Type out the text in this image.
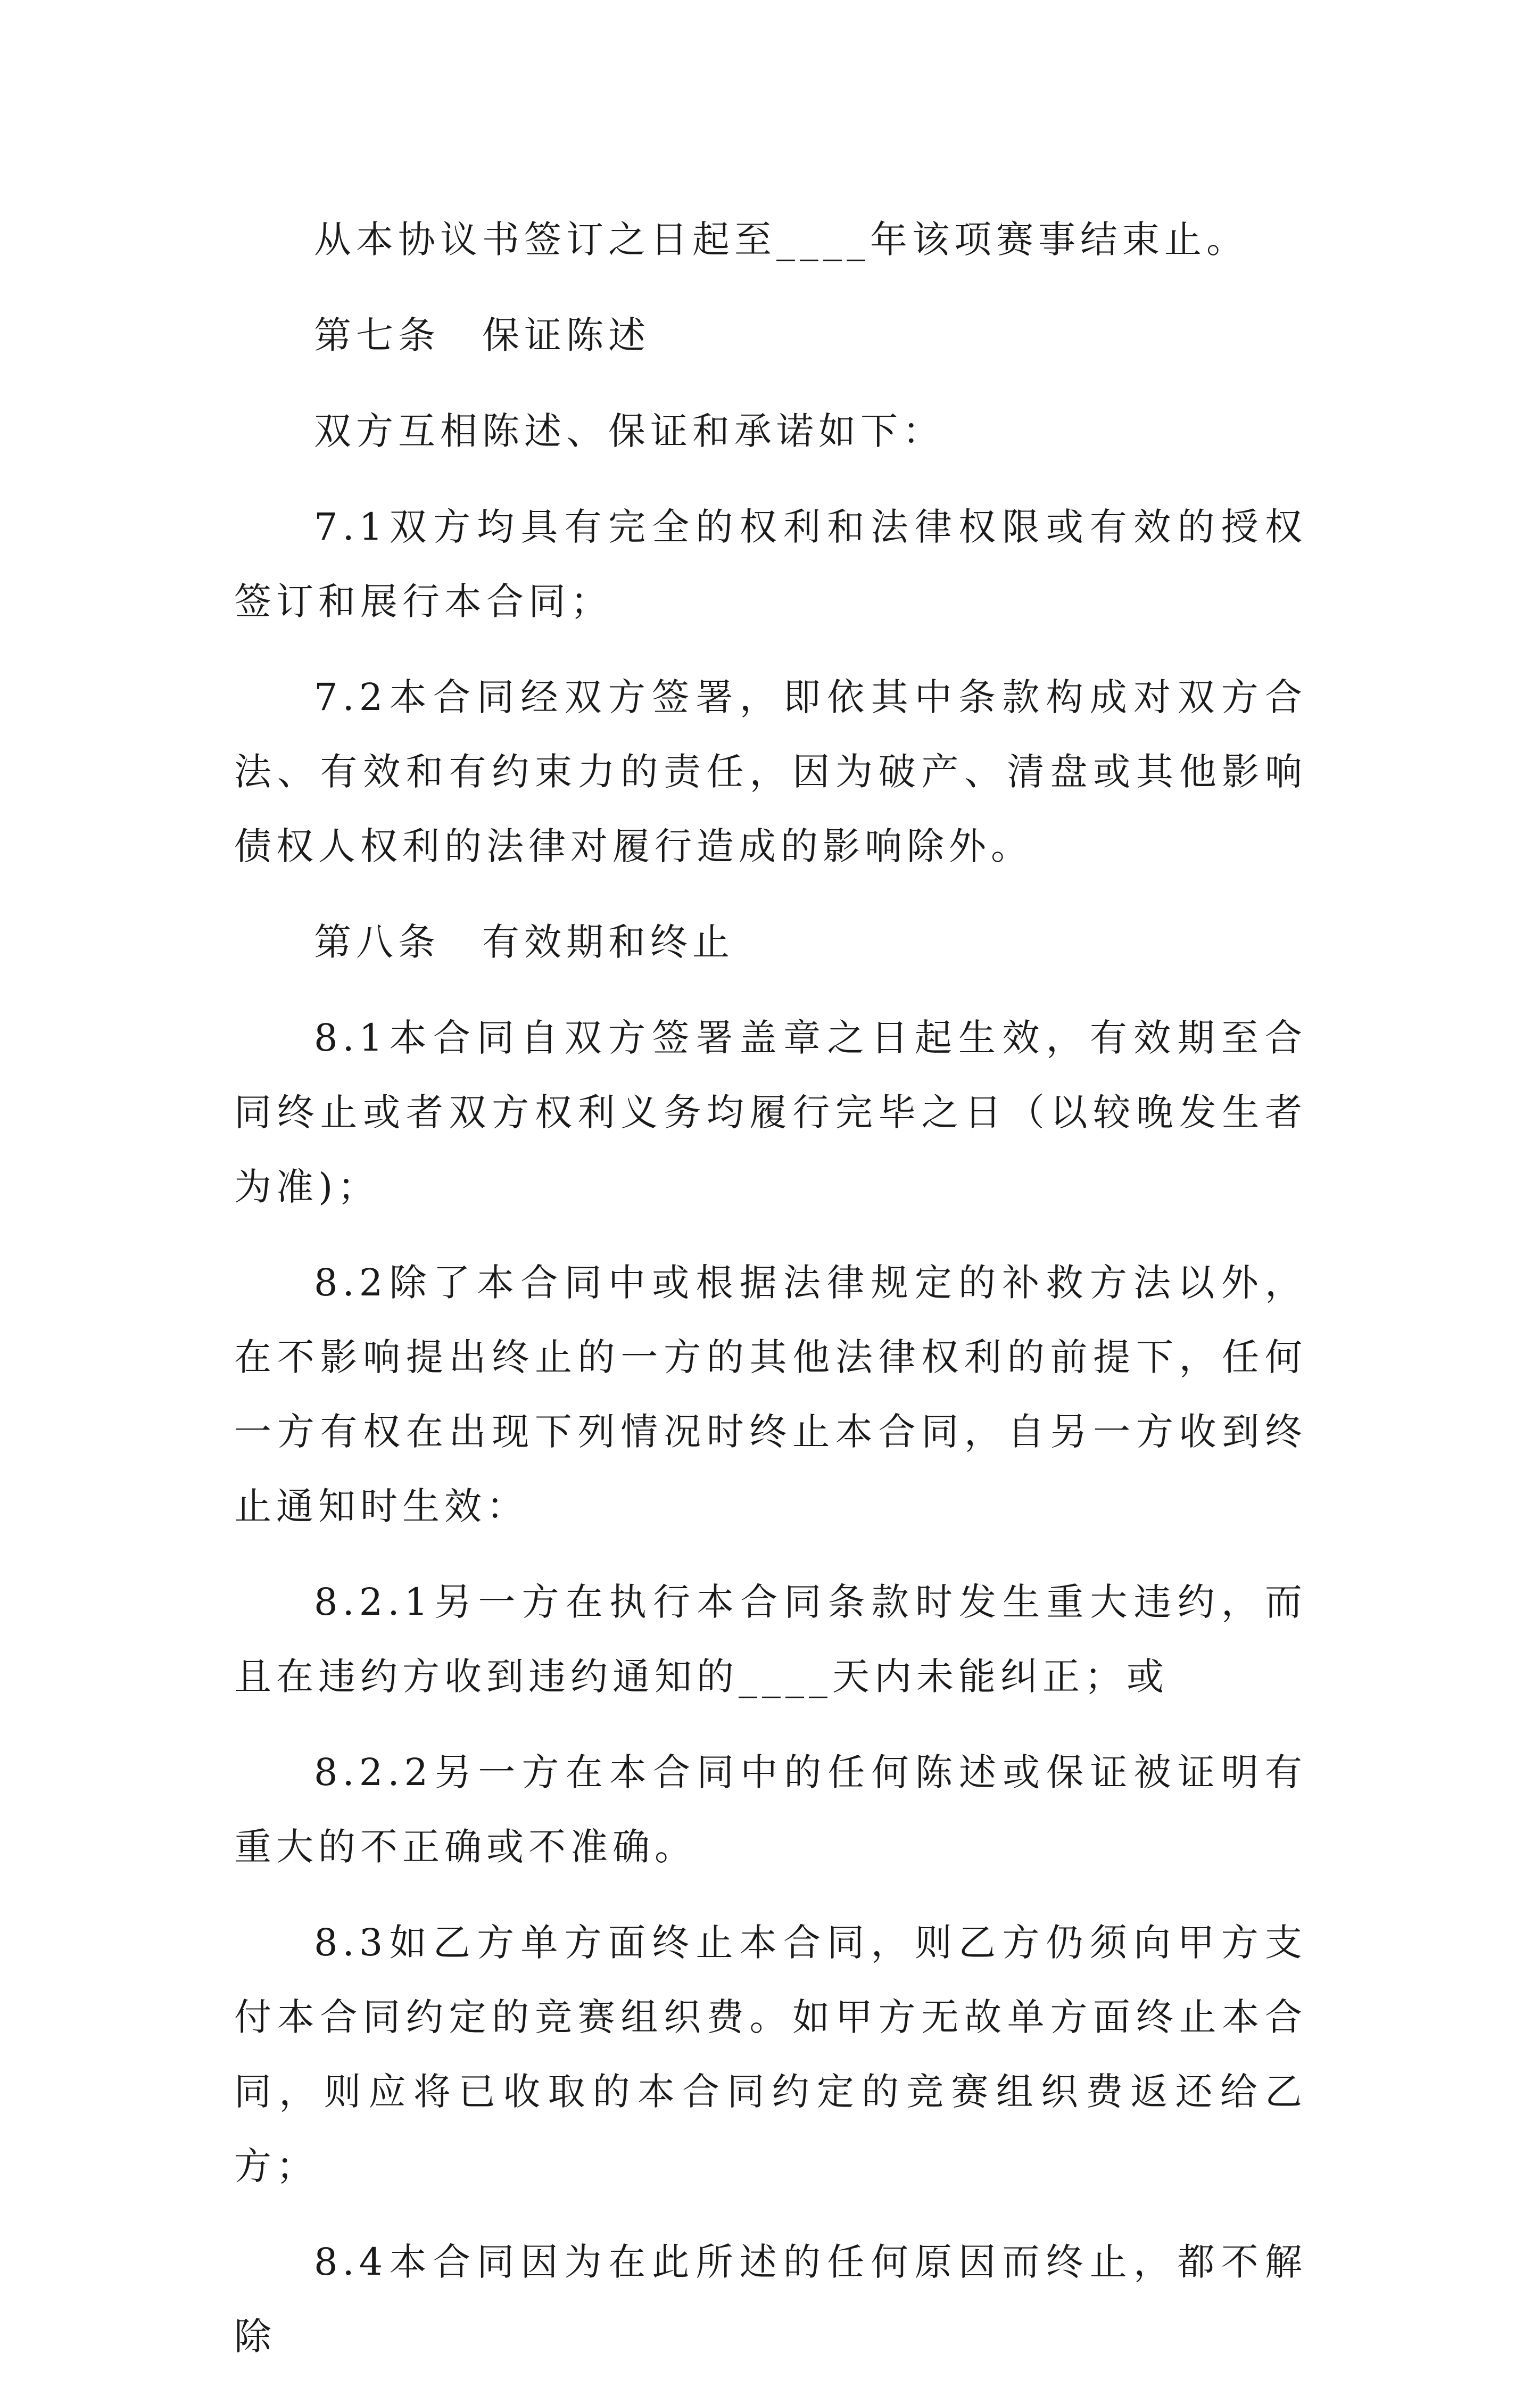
从本协议书签订之日起至____年该项赛事结束止。

第七条　保证陈述

双方互相陈述、保证和承诺如下：

7.1双方均具有完全的权利和法律权限或有效的授权签订和展行本合同；

7.2本合同经双方签署，即依其中条款构成对双方合法、有效和有约束力的责任，因为破产、清盘或其他影响债权人权利的法律对履行造成的影响除外。

第八条　有效期和终止

8.1本合同自双方签署盖章之日起生效，有效期至合同终止或者双方权利义务均履行完毕之日（以较晚发生者为准)；

8.2除了本合同中或根据法律规定的补救方法以外，在不影响提出终止的一方的其他法律权利的前提下，任何一方有权在出现下列情况时终止本合同，自另一方收到终止通知时生效：

8.2.1另一方在执行本合同条款时发生重大违约，而且在违约方收到违约通知的____天内未能纠正；或

8.2.2另一方在本合同中的任何陈述或保证被证明有重大的不正确或不准确。

8.3如乙方单方面终止本合同，则乙方仍须向甲方支付本合同约定的竞赛组织费。如甲方无故单方面终止本合同，则应将已收取的本合同约定的竞赛组织费返还给乙方；

8.4本合同因为在此所述的任何原因而终止，都不解除
